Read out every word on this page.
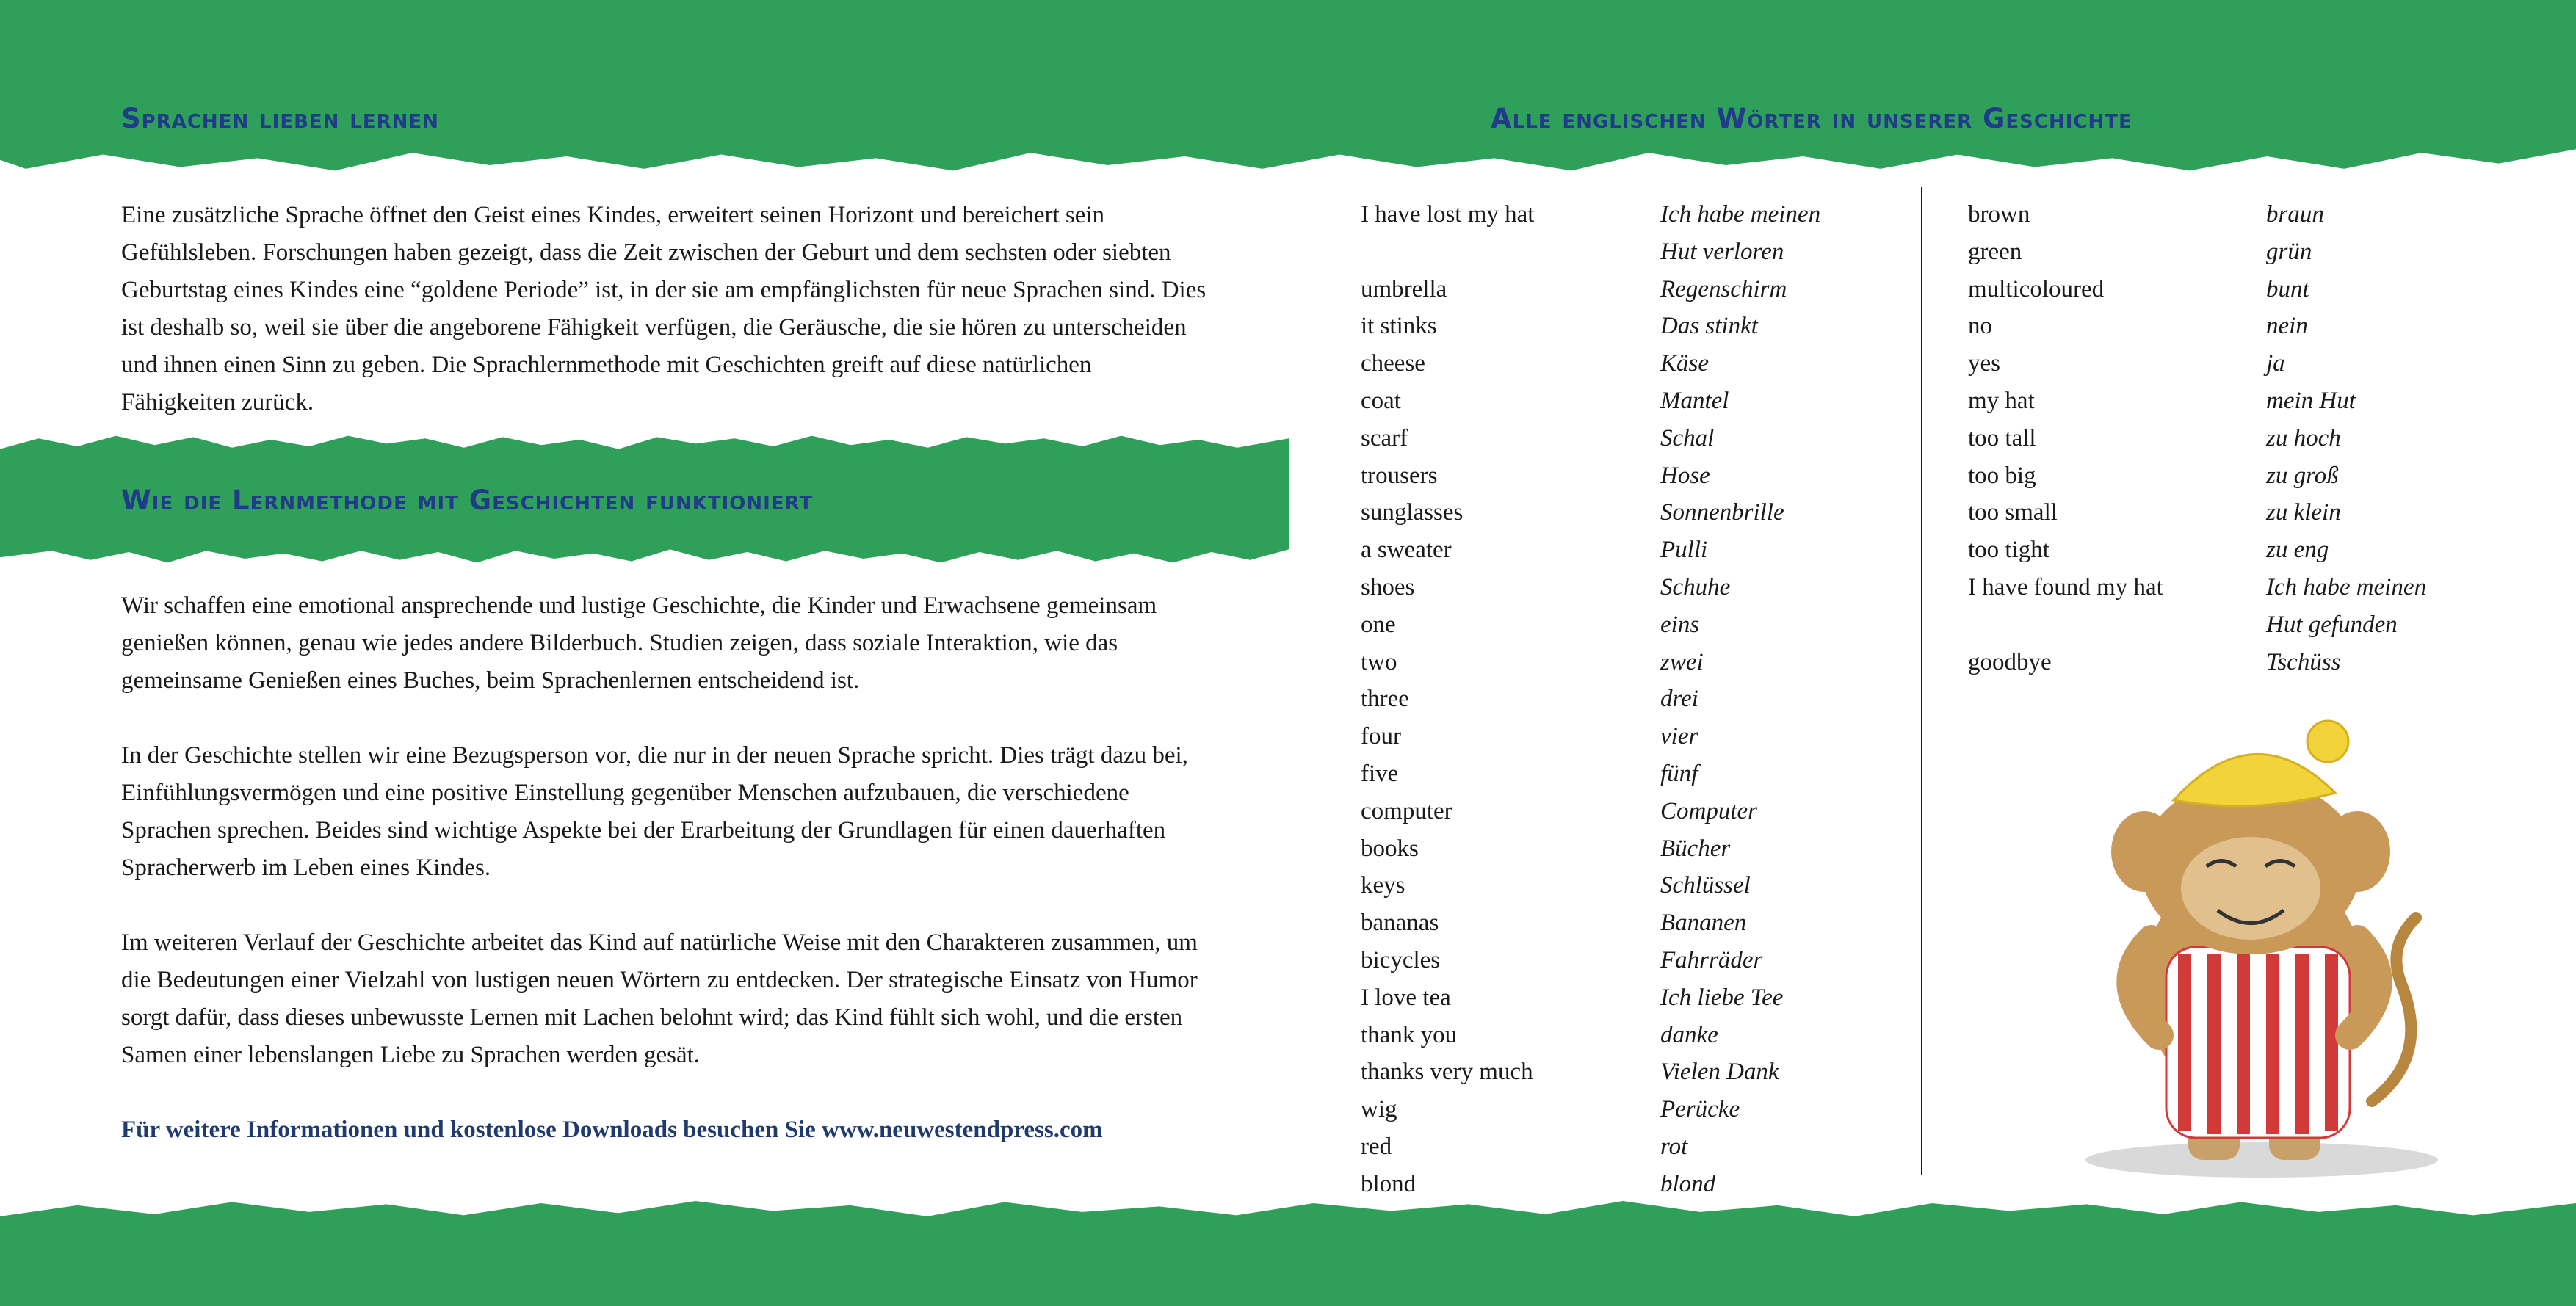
Sprachen lieben lernen

Eine zusätzliche Sprache öffnet den Geist eines Kindes, erweitert seinen Horizont und bereichert sein Gefühlsleben. Forschungen haben gezeigt, dass die Zeit zwischen der Geburt und dem sechsten oder siebten Geburtstag eines Kindes eine “goldene Periode” ist, in der sie am empfänglichsten für neue Sprachen sind. Dies ist deshalb so, weil sie über die angeborene Fähigkeit verfügen, die Geräusche, die sie hören zu unterscheiden und ihnen einen Sinn zu geben. Die Sprachlernmethode mit Geschichten greift auf diese natürlichen Fähigkeiten zurück.

Wie die Lernmethode mit Geschichten funktioniert

Wir schaffen eine emotional ansprechende und lustige Geschichte, die Kinder und Erwachsene gemeinsam genießen können, genau wie jedes andere Bilderbuch. Studien zeigen, dass soziale Interaktion, wie das gemeinsame Genießen eines Buches, beim Sprachenlernen entscheidend ist.

In der Geschichte stellen wir eine Bezugsperson vor, die nur in der neuen Sprache spricht. Dies trägt dazu bei, Einfühlungsvermögen und eine positive Einstellung gegenüber Menschen aufzubauen, die verschiedene Sprachen sprechen. Beides sind wichtige Aspekte bei der Erarbeitung der Grundlagen für einen dauerhaften Spracherwerb im Leben eines Kindes.

Im weiteren Verlauf der Geschichte arbeitet das Kind auf natürliche Weise mit den Charakteren zusammen, um die Bedeutungen einer Vielzahl von lustigen neuen Wörtern zu entdecken. Der strategische Einsatz von Humor sorgt dafür, dass dieses unbewusste Lernen mit Lachen belohnt wird; das Kind fühlt sich wohl, und die ersten Samen einer lebenslangen Liebe zu Sprachen werden gesät.

Für weitere Informationen und kostenlose Downloads besuchen Sie www.neuwestendpress.com

Alle englischen Wörter in unserer Geschichte
I have lost my hat	Ich habe meinen

Hut verloren
umbrella	Regenschirm
it stinks	Das stinkt
cheese	Käse
coat	Mantel
scarf	Schal
trousers	Hose
sunglasses	Sonnenbrille
a sweater	Pulli
shoes	Schuhe
one	eins
two	zwei
three	drei
four	vier
five	fünf
computer	Computer
books	Bücher
keys	Schlüssel
bananas	Bananen
bicycles	Fahrräder
I love tea	Ich liebe Tee
thank you	danke
thanks very much	Vielen Dank
wig	Perücke
red	rot
blond	blond
brown	braun
green	grün
multicoloured	bunt
no	nein
yes	ja
my hat	mein Hut
too tall	zu hoch
too big	zu groß
too small	zu klein
too tight	zu eng
I have found my hat	Ich habe meinen

Hut gefunden
goodbye	Tschüss
